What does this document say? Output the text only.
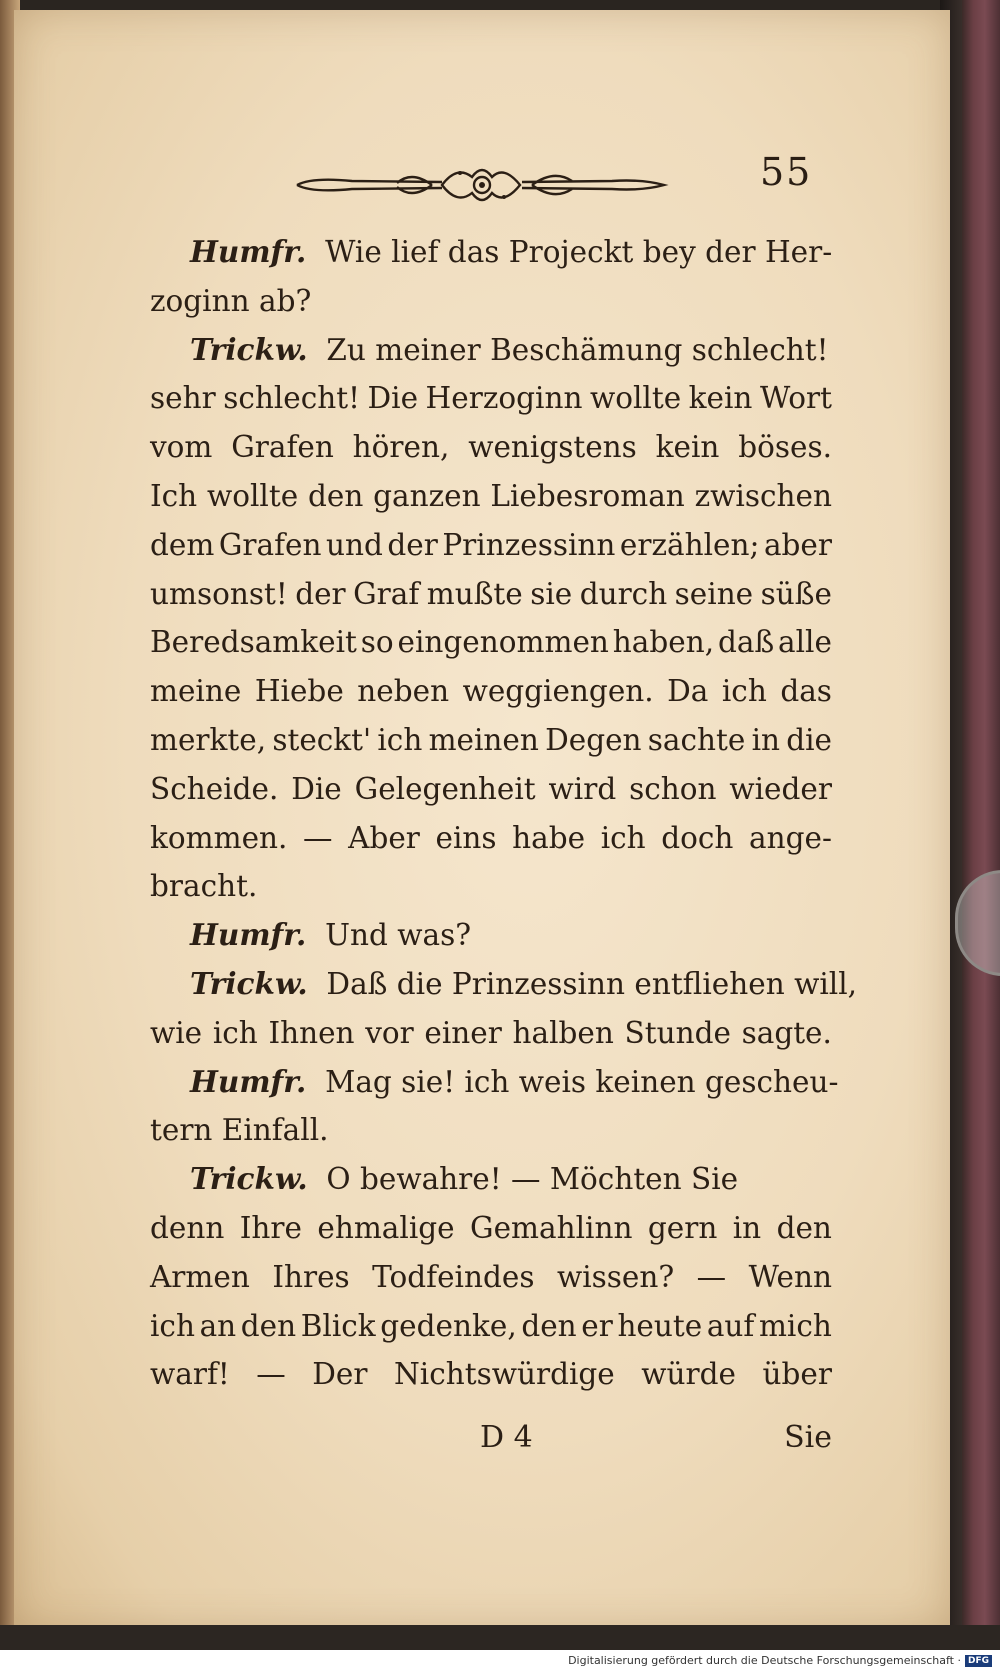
55
Humfr.
Wie lief das Projeckt bey der Her-
zoginn ab?
Trickw.
Zu meiner Beschämung schlecht!
sehr schlecht! Die Herzoginn wollte kein Wort
vom Grafen hören, wenigstens kein böses.
Ich wollte den ganzen Liebesroman zwischen
dem Grafen und der Prinzessinn erzählen; aber
umsonst! der Graf mußte sie durch seine süße
Beredsamkeit so eingenommen haben, daß alle
meine Hiebe neben weggiengen. Da ich das
merkte, steckt' ich meinen Degen sachte in die
Scheide. Die Gelegenheit wird schon wieder
kommen. — Aber eins habe ich doch ange-
bracht.
Humfr.
Und was?
Trickw.
Daß die Prinzessinn entfliehen will,
wie ich Ihnen vor einer halben Stunde sagte.
Humfr.
Mag sie! ich weis keinen gescheu-
tern Einfall.
Trickw.
O bewahre! — Möchten Sie
denn Ihre ehmalige Gemahlinn gern in den
Armen Ihres Todfeindes wissen? — Wenn
ich an den Blick gedenke, den er heute auf mich
warf! — Der Nichtswürdige würde über
D 4	Sie
Digitalisierung gefördert durch die Deutsche Forschungsgemeinschaft · DFG
